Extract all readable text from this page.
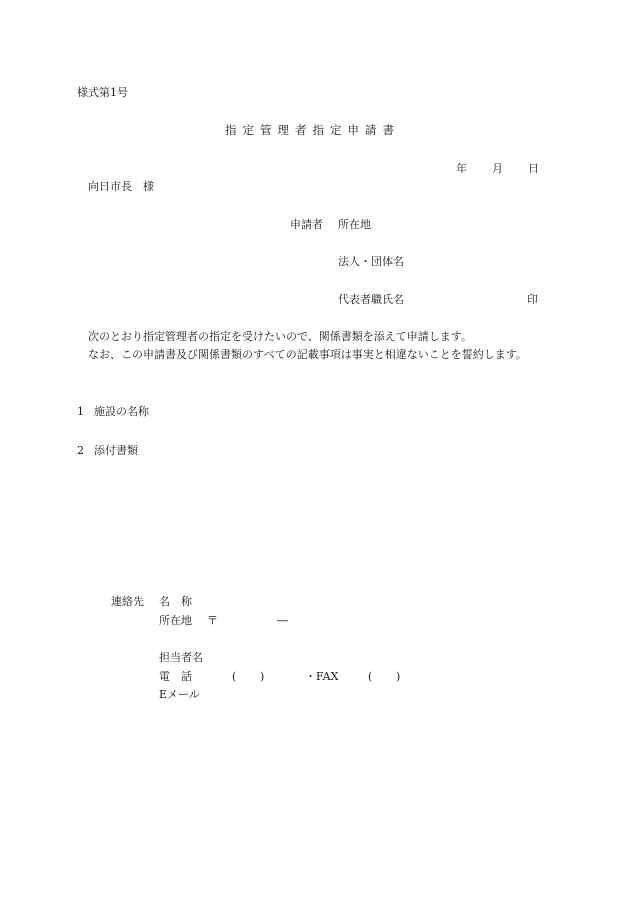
様式第1号
指定管理者指定申請書
年 月 日
向日市長　様
申請者 所在地
法人・団体名
代表者職氏名	印
次のとおり指定管理者の指定を受けたいので、関係書類を添えて申請します。
なお、この申請書及び関係書類のすべての記載事項は事実と相違ないことを誓約します。
1 施設の名称
2 添付書類
連絡先 名　称
所在地 〒	―
担当者名
電　話	( )	・FAX	( )
Eメール
